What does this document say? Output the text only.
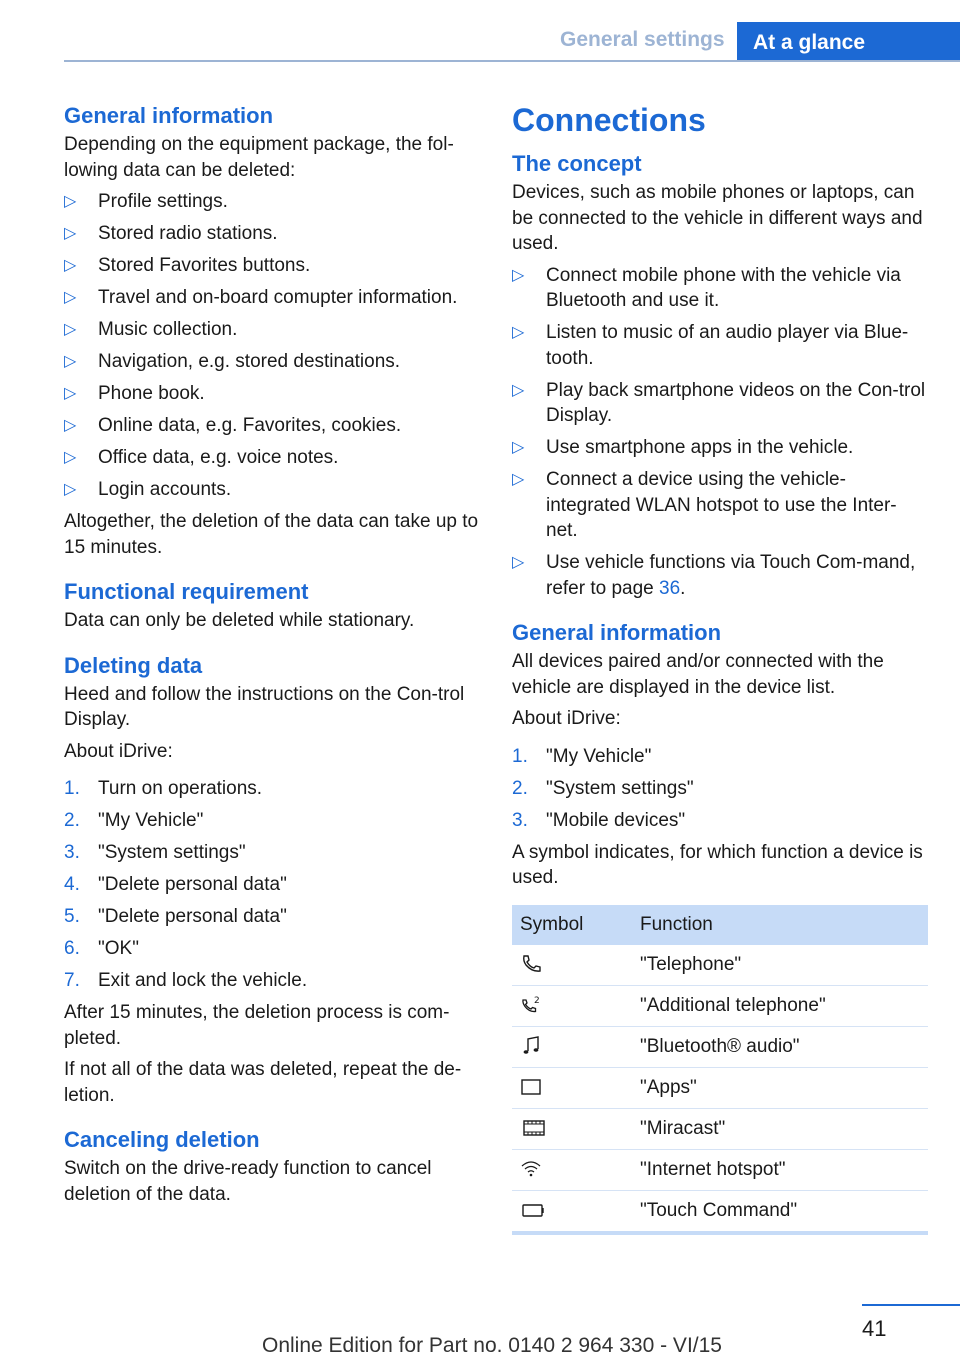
General settings	At a glance
General information

Depending on the equipment package, the fol‐lowing data can be deleted:

▷ Profile settings.
▷ Stored radio stations.
▷ Stored Favorites buttons.
▷ Travel and on-board comupter information.
▷ Music collection.
▷ Navigation, e.g. stored destinations.
▷ Phone book.
▷ Online data, e.g. Favorites, cookies.
▷ Office data, e.g. voice notes.
▷ Login accounts.

Altogether, the deletion of the data can take up to 15 minutes.

Functional requirement

Data can only be deleted while stationary.

Deleting data

Heed and follow the instructions on the Con‐trol Display.

About iDrive:

1. Turn on operations.
2. "My Vehicle"
3. "System settings"
4. "Delete personal data"
5. "Delete personal data"
6. "OK"
7. Exit and lock the vehicle.

After 15 minutes, the deletion process is com‐pleted.

If not all of the data was deleted, repeat the de‐letion.

Canceling deletion

Switch on the drive-ready function to cancel deletion of the data.

Connections
The concept

Devices, such as mobile phones or laptops, can be connected to the vehicle in different ways and used.

▷ Connect mobile phone with the vehicle via Bluetooth and use it.
▷ Listen to music of an audio player via Blue‐tooth.
▷ Play back smartphone videos on the Con‐trol Display.
▷ Use smartphone apps in the vehicle.
▷ Connect a device using the vehicle-integrated WLAN hotspot to use the Inter‐net.
▷ Use vehicle functions via Touch Com‐mand, refer to page 36.
General information

All devices paired and/or connected with the vehicle are displayed in the device list.

About iDrive:

1. "My Vehicle"
2. "System settings"
3. "Mobile devices"

A symbol indicates, for which function a device is used.

Symbol	Function
	"Telephone"

2	"Additional telephone"
	"Bluetooth® audio"
	"Apps"
	"Miracast"
	"Internet hotspot"
	"Touch Command"
41
Online Edition for Part no. 0140 2 964 330 - VI/15
